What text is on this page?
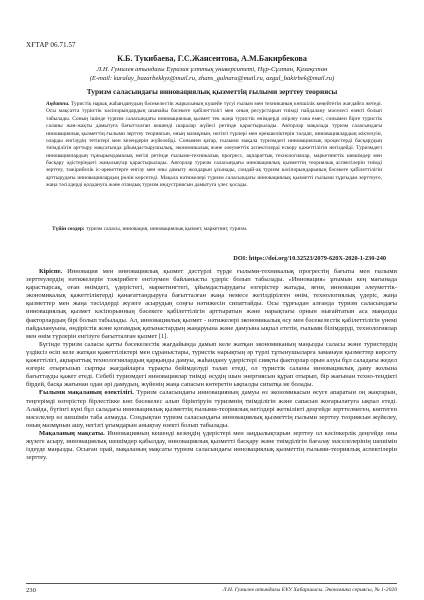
ХҒТАР 06.71.57
К.Б. Тукибаева, Г.С.Жансеитова, А.М.Бакирбекова
Л.Н. Гумилев атындағы Еуразия ұлттық университеті, Нұр-Сұлтан, Қазақстан
(E-mail: kuralay_bazarbekkyz@mail.ru, zhans_gulnara@mail.ru, azgul_bakirbek@mail.ru)
Туризм саласындағы инновациялық қызметтің ғылыми зерттеу теориясы
Аңдатпа. Туристік нарық жаһанданудың бәсекелестік жарысының күшейе түсуі ғылым мен техниканың көпшілік кеңейтетін жағдайға жетеді. Осы мақсатта туристік кәсіпорындардың шынайы бәсекеге қабілеттілігі мен оның ресурстарын тиімді пайдалану мәселесі өзекті болып табылады. Соның ішінде туризм саласындағы инновациялық қызмет тек жаңа туристік өнімдерді әзірлеу ғана емес, сонымен бірге туристік саланы жан-жақты дамытуға бағытталған кешенді шаралар жүйесі ретінде қарастырылады. Авторлар мақалада туризм саласындағы инновациялық қызметтің ғылыми зерттеу теориясын, оның мазмұнын, негізгі түрлері мен ерекшеліктерін талдап, инновациялардың жіктелуін, оларды енгізудің тетіктері мен кезеңдерін жүйелейді. Сонымен қатар, ғылыми мақала туризмдегі инновациялық процестерді басқарудың тиімділігін арттыру мақсатында ұйымдастырушылық, экономикалық және әлеуметтік аспектілерді ескеру қажеттілігін негіздейді. Туризмдегі инновациялардың тұжырымдамалық негізі ретінде ғылыми-техникалық прогресс, ақпараттық технологиялар, маркетингтік шешімдер мен басқару әдістеріндегі жаңалықтар қарастырылады. Авторлар туризм саласындағы инновациялық қызметтің теориялық аспектілерін тиімді зерттеу, тәжірибелік іс-әрекеттерге енгізу мен оны дамыту жолдарын ұсынады, сондай-ақ туризм кәсіпорындарының бәсекеге қабілеттілігін арттырудағы инновациялардың рөлін көрсетеді. Мақала нәтижелері туризм саласындағы инновациялық қызметті ғылыми тұрғыдан зерттеуге, жаңа тәсілдерді қолдануға және отандық туризм индустриясын дамытуға үлес қосады.
Түйін сөздер: туризм саласы, инновация, инновациялық қызмет, маркетинг, туризм.
DOI: https://doi.org/10.32523/2079-620X-2020-1-230-240

Кіріспе. Инновация мен инновациялық қызмет дәстүрлі түрде ғылыми-техникалық прогрестің бағыты мен ғылыми зерттеулердің нәтижелерін тәжірибеге енгізумен байланысты үдеріс болып табылады. «Инновация» ұғымын кең мағынада қарастырсақ, оған өнімдегі, үдерістегі, маркетингтегі, ұйымдастырудағы өзгерістер жатады, яғни, инновация әлеуметтік-экономикалық қажеттіліктерді қанағаттандыруға бағытталған жаңа немесе жетілдірілген өнім, технологиялық үдеріс, жаңа қызметтер мен жаңа тәсілдерді жүзеге асырудың соңғы нәтижесін сипаттайды. Осы тұрғыдан алғанда туризм саласындағы инновациялық қызмет кәсіпорынның бәсекеге қабілеттілігін арттыратын және нарықтағы орнын нығайтатын аса маңызды факторлардың бірі болып табылады. Ал, инновациялық қызмет - нәтижелері экономикалық өсу мен бәсекелестік қабілеттілігін үнемі пайдалануына, өндірістік және қоғамдық қатынастардың жаңаруына және дамуына ықпал ететін, ғылыми білімдерді, технологиялар мен өнім түрлерін енгізуге бағытталған қызмет [1].

Бүгінде туризм саласы қатты бәсекелестік жағдайында дамып келе жатқан экономиканың маңызды саласы және туристердің үздіксіз өсіп келе жатқан қажеттіліктері мен сұраныстары, туристік нарықтың әр түрлі тұтынушыларға заманауи қызметтер көрсету қажеттілігі, ақпараттық технологиялардың қарқынды дамуы, жаһандану үдерістері сияқты факторлар орын алуы бұл саладағы жедел өзгеріс отырғызып сыртқы жағдайларға тұрақты бейімделуді талап етеді, ол туристік саланы инновациялық даму жолына бағыттауды қажет етеді. Себебі туризмдегі инновациялар тиімді өсудің шын энергиясын құрап отырып, бір жағынан техно-тендікті бірдей, басқа жағынан одан әрі дамудың, жүйенің жаңа сапасын көтеретін ықпалды сипатқа ие болады.

Ғылыми мақаланың өзектілігі. Туризм саласындағы инновацияның дамуы өз экономикасын өсуге апаратын оң жақтарын, теңгерімді өзгерістер бірлестікке көп бәсекелес алып біріктіруін туризмнің тиімділігін және сапасын жоғарылатуға ықпал етеді. Алайда, бүгінгі күні бұл саладағы инновациялық қызметтің ғылыми-теориялық негіздері жеткілікті деңгейде зерттелмеген, көптеген мәселелер өз шешімін таба алмауда. Сондықтан туризм саласындағы инновациялық қызметтің ғылыми зерттеу теориясын жүйелеу, оның мазмұнын ашу, негізгі ұғымдарын анықтау өзекті болып табылады.

Мақаланың мақсаты. Инновацияның кешенді кезеңдің үдерістері мен заңдылықтарын зерттеу ол кәсіпкерлік деңгейде оны жүзеге асыру, инновациялық шешімдер қабылдау, инновациялық қызметті басқару және тиімділігін бағалау мәселелерінің шешімін іздеуде маңызды. Осыған орай, мақаланың мақсаты туризм саласындағы инновациялық қызметтің ғылыми-теориялық аспектілерін зерттеу.

230	Л.Н. Гумилев атындағы ЕҰУ Хабаршысы. Экономика сериясы, № 1-2020
